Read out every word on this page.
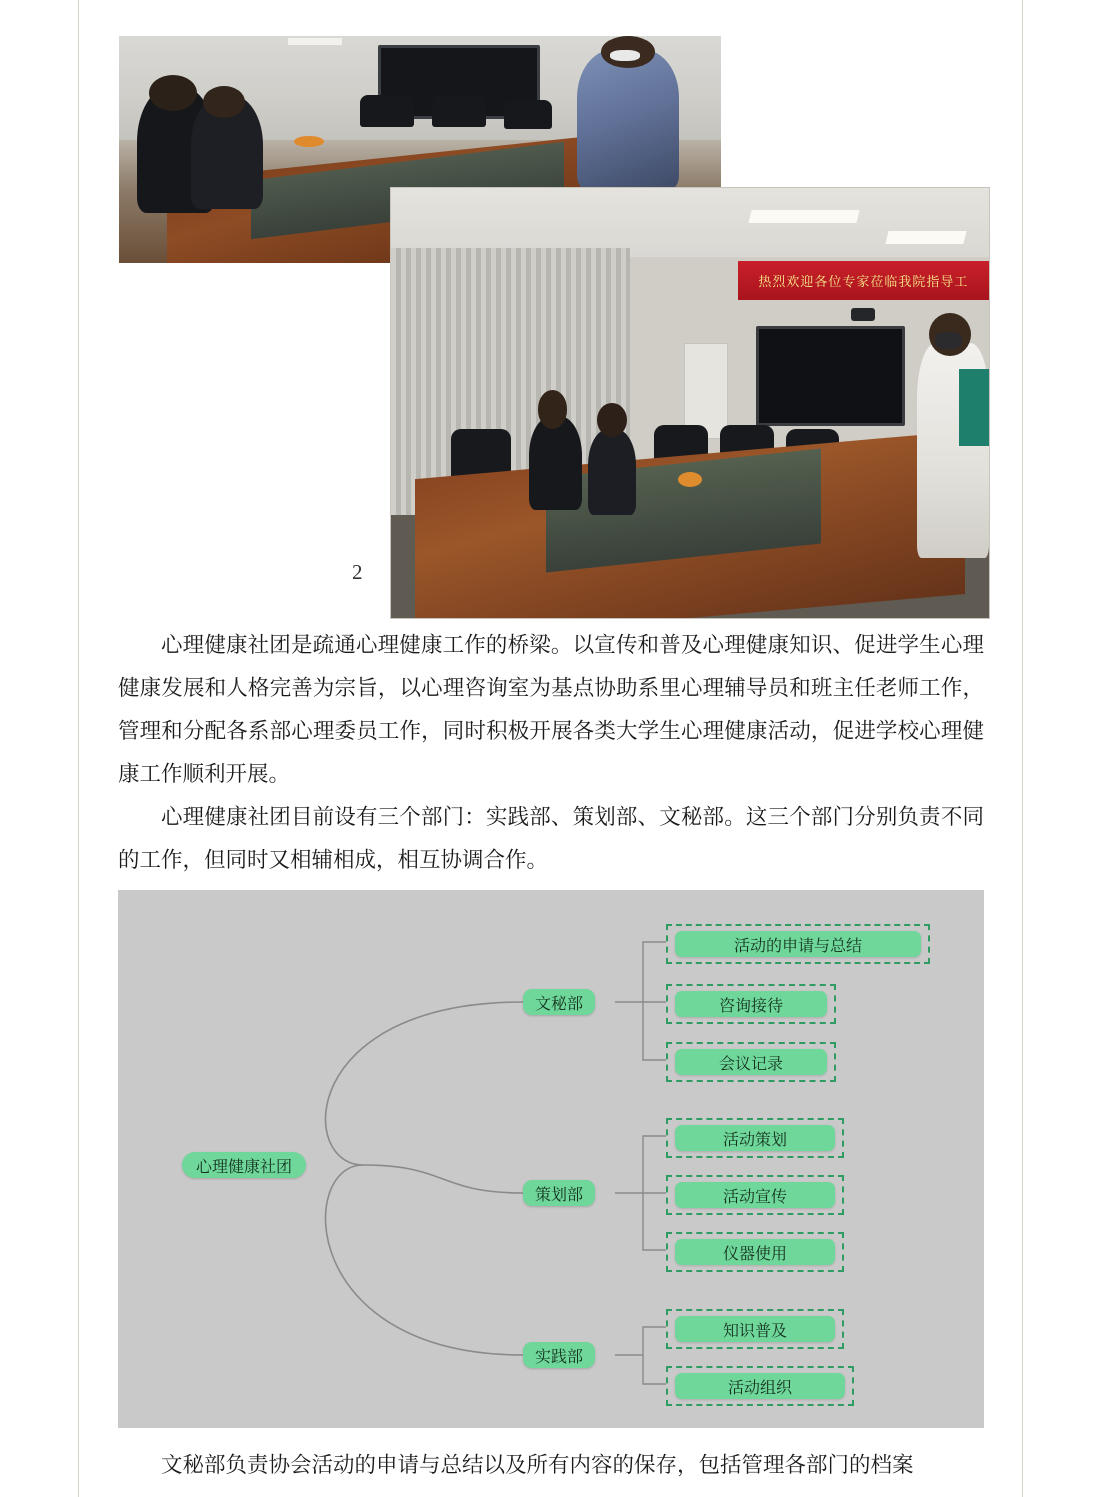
热烈欢迎各位专家莅临我院指导工
2
心理健康社团是疏通心理健康工作的桥梁。以宣传和普及心理健康知识、促进学生心理健康发展和人格完善为宗旨，以心理咨询室为基点协助系里心理辅导员和班主任老师工作，管理和分配各系部心理委员工作，同时积极开展各类大学生心理健康活动，促进学校心理健康工作顺利开展。
心理健康社团目前设有三个部门：实践部、策划部、文秘部。这三个部门分别负责不同的工作，但同时又相辅相成，相互协调合作。
心理健康社团
文秘部
策划部
实践部
活动的申请与总结
咨询接待
会议记录
活动策划
活动宣传
仪器使用
知识普及
活动组织
文秘部负责协会活动的申请与总结以及所有内容的保存，包括管理各部门的档案
